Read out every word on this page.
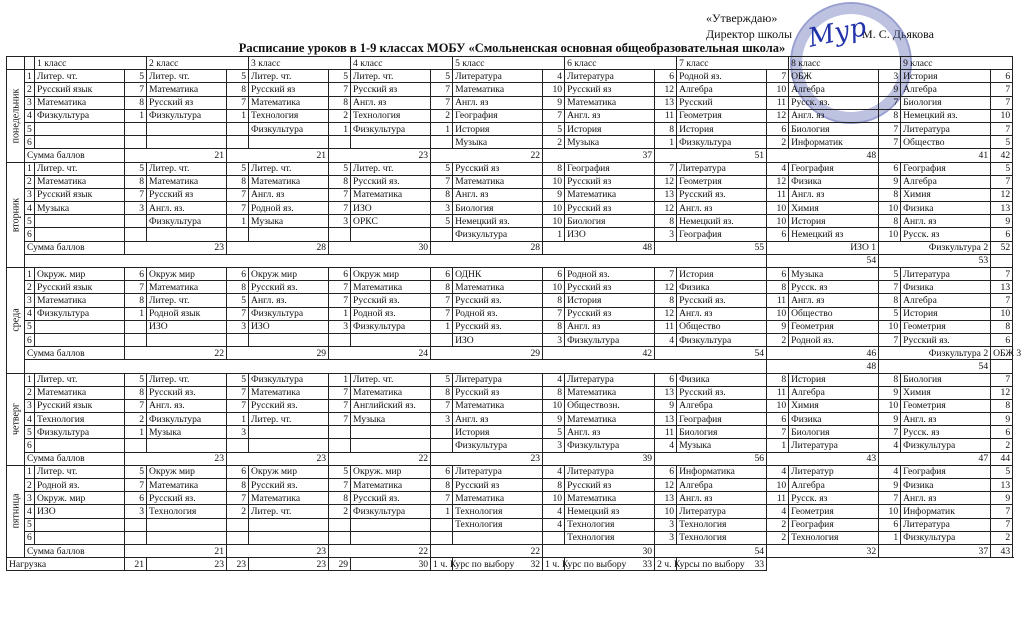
«Утверждаю»
Директор школы	М. С. Дьякова
Мур
Расписание уроков в 1-9 классах МОБУ «Смольненская основная общеобразовательная школа»
		1 класс		2 класс		3 класс		4 класс		5 класс		6 класс		7 класс		8 класс		9 класс	

понедельник	1	Литер. чт.	5	Литер. чт.	5	Литер. чт.	5	Литер. чт.	5	Литература	4	Литература	6	Родной яз.	7	ОБЖ	3	История	6
	2	Русский язык	7	Математика	8	Русский яз	7	Русский яз	7	Математика	10	Русский яз	12	Алгебра	10	Алгебра	9	Алгебра	7
	3	Математика	8	Русский яз	7	Математика	8	Англ. яз	7	Англ. яз	9	Математика	13	Русский	11	Русск. яз.	7	Биология	7
	4	Физкультура	1	Физкультура	1	Технология	2	Технология	2	География	7	Англ. яз	11	Геометрия	12	Англ. яз	8	Немецкий яз.	10
	5					Физкультура	1	Физкультура	1	История	5	История	8	История	6	Биология	7	Литература	7
	6									Музыка	2	Музыка	1	Физкультура	2	Информатик	7	Общество	5
	Сумма баллов		21		21		23		22		37		51		48		41		42

вторник	1	Литер. чт.	5	Литер. чт.	5	Литер. чт.	5	Литер. чт.	5	Русский яз	8	География	7	Литература	4	География	6	География	5
	2	Математика	8	Математика	8	Математика	8	Русский яз.	7	Математика	10	Русский яз	12	Геометрия	12	Физика	9	Алгебра	7
	3	Русский язык	7	Русский яз	7	Англ. яз	7	Математика	8	Англ. яз	9	Математика	13	Русский яз.	11	Англ. яз	8	Химия	12
	4	Музыка	3	Англ. яз.	7	Родной яз.	7	ИЗО	3	Биология	10	Русский яз	12	Англ. яз	10	Химия	10	Физика	13
	5			Физкультура	1	Музыка	3	ОРКС	5	Немецкий яз.	10	Биология	8	Немецкий яз.	10	История	8	Англ. яз	9
	6									Физкультура	1	ИЗО	3	География	6	Немецкий яз	10	Русск. яз	6
	Сумма баллов		23		28		30		28		48		55		ИЗО 1		Физкультура 2		52
															54		53		

среда	1	Окруж. мир	6	Окруж мир	6	Окруж мир	6	Окруж мир	6	ОДНК	6	Родной яз.	7	История	6	Музыка	5	Литература	7
	2	Русский язык	7	Математика	8	Русский яз.	7	Математика	8	Математика	10	Русский яз	12	Физика	8	Русск. яз	7	Физика	13
	3	Математика	8	Литер. чт.	5	Англ. яз.	7	Русский яз.	7	Русский яз.	8	История	8	Русский яз.	11	Англ. яз	8	Алгебра	7
	4	Физкультура	1	Родной язык	7	Физкультура	1	Родной яз.	7	Родной яз.	7	Русский яз	12	Англ. яз	10	Общество	5	История	10
	5			ИЗО	3	ИЗО	3	Физкультура	1	Русский яз.	8	Англ. яз	11	Общество	9	Геометрия	10	Геометрия	8
	6									ИЗО	3	Физкультура	4	Физкультура	2	Родной яз.	7	Русский яз.	6
	Сумма баллов		22		29		24		29		42		54		46		Физкультура 2		ОБЖ 3
															48		54		

четверг	1	Литер. чт.	5	Литер. чт.	5	Физкультура	1	Литер. чт.	5	Литература	4	Литература	6	Физика	8	История	8	Биология	7
	2	Математика	8	Русский яз.	7	Математика	7	Математика	8	Русский яз	8	Математика	13	Русский яз.	11	Алгебра	9	Химия	12
	3	Русский язык	7	Англ. яз.	7	Русский яз.	7	Английский яз.	7	Математика	10	Обществозн.	9	Алгебра	10	Химия	10	Геометрия	8
	4	Технология	2	Физкультура	1	Литер. чт.	7	Музыка	3	Англ. яз	9	Математика	13	География	6	Физика	9	Англ. яз	9
	5	Физкультура	1	Музыка	3					История	5	Англ. яз	11	Биология	7	Биология	7	Русск. яз	6
	6									Физкультура	3	Физкультура	4	Музыка	1	Литература	4	Физкультура	2
	Сумма баллов		23		23		22		23		39		56		43		47		44

пятница	1	Литер. чт.	5	Окруж мир	6	Окруж мир	5	Окруж. мир	6	Литература	4	Литература	6	Информатика	4	Литератур	4	География	5
	2	Родной яз.	7	Математика	8	Русский яз.	7	Математика	8	Русский яз	8	Русский яз	12	Алгебра	10	Алгебра	9	Физика	13
	3	Окруж. мир	6	Русский яз.	7	Математика	8	Русский яз.	7	Математика	10	Математика	13	Англ. яз	11	Русск. яз	7	Англ. яз	9
	4	ИЗО	3	Технология	2	Литер. чт.	2	Физкультура	1	Технология	4	Немецкий яз	10	Литература	4	Геометрия	10	Информатик	7
	5									Технология	4	Технология	3	Технология	2	География	6	Литература	7
	6											Технология	3	Технология	2	Технология	1	Физкультура	2
	Сумма баллов		21		23		22		22		30		54		32		37		43
Нагрузка			21	23	23	23	29	30	1 ч. Курс по выбору	32	1 ч. Курс по выбору	33	2 ч. Курсы по выбору	33					
